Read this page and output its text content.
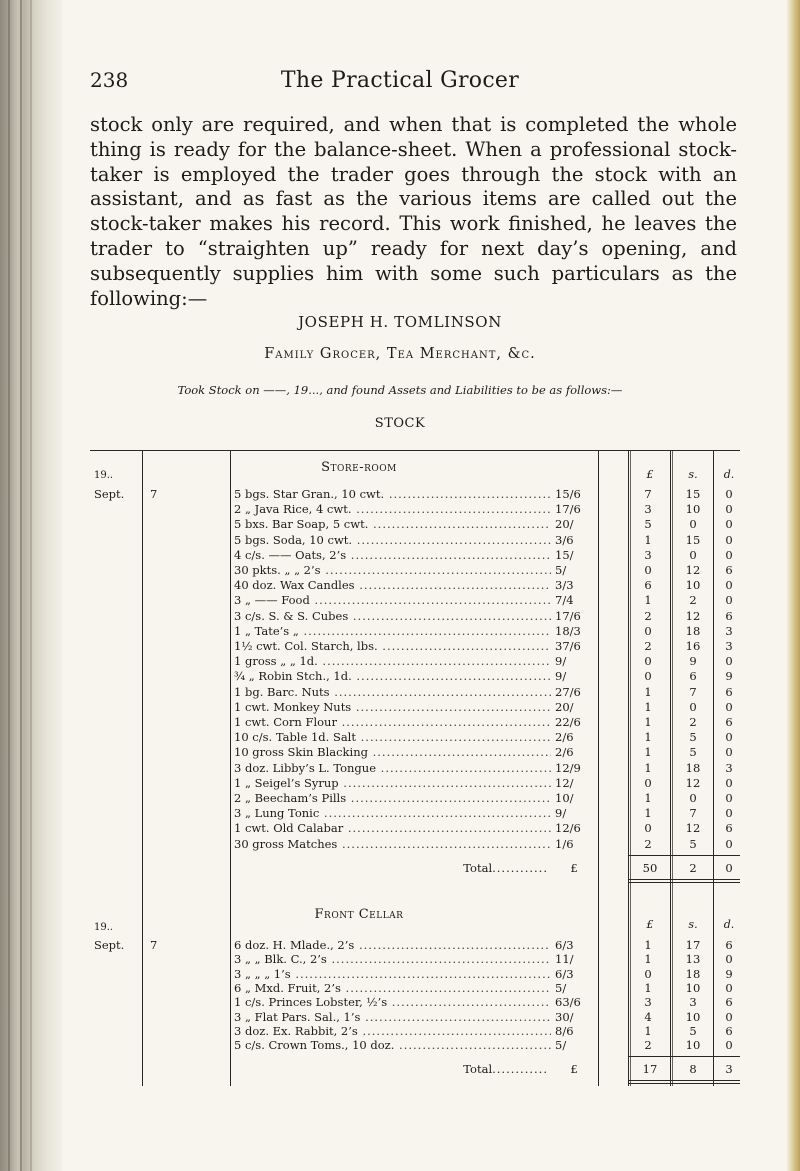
238	The Practical Grocer
stock only are required, and when that is completed the whole thing is ready for the balance-sheet. When a professional stock-taker is employed the trader goes through the stock with an assistant, and as fast as the various items are called out the stock-taker makes his record. This work finished, he leaves the trader to “straighten up” ready for next day’s opening, and subsequently supplies him with some such particulars as the following:—
JOSEPH H. TOMLINSON
Family Grocer, Tea Merchant, &c.
Took Stock on ——, 19..., and found Assets and Liabilities to be as follows:—
STOCK
Store-room
19..
Sept. 7
£	s.	d.
5 bgs. Star Gran., 10 cwt. .....	15/6	7	15	0
2 „ Java Rice, 4 cwt. .....	17/6	3	10	0
5 bxs. Bar Soap, 5 cwt. .....	20/	5	0	0
5 bgs. Soda, 10 cwt. .....	3/6	1	15	0
4 c/s. —— Oats, 2’s .....	15/	3	0	0
30 pkts. „ „ 2’s .....	5/	0	12	6
40 doz. Wax Candles .....	3/3	6	10	0
3 „ —— Food .....	7/4	1	2	0
3 c/s. S. & S. Cubes .....	17/6	2	12	6
1 „ Tate’s „ .....	18/3	0	18	3
1½ cwt. Col. Starch, lbs. .....	37/6	2	16	3
1 gross „ „ 1d. .....	9/	0	9	0
¾ „ Robin Stch., 1d. .....	9/	0	6	9
1 bg. Barc. Nuts .....	27/6	1	7	6
1 cwt. Monkey Nuts .....	20/	1	0	0
1 cwt. Corn Flour .....	22/6	1	2	6
10 c/s. Table 1d. Salt .....	2/6	1	5	0
10 gross Skin Blacking .....	2/6	1	5	0
3 doz. Libby’s L. Tongue .....	12/9	1	18	3
1 „ Seigel’s Syrup .....	12/	0	12	0
2 „ Beecham’s Pills .....	10/	1	0	0
3 „ Lung Tonic .....	9/	1	7	0
1 cwt. Old Calabar .....	12/6	0	12	6
30 gross Matches .....	1/6	2	5	0
Total .....	£	50	2	0
Front Cellar
19..
Sept. 7
£	s.	d.
6 doz. H. Mlade., 2’s .....	6/3	1	17	6
3 „ „ Blk. C., 2’s .....	11/	1	13	0
3 „ „ „ 1’s .....	6/3	0	18	9
6 „ Mxd. Fruit, 2’s .....	5/	1	10	0
1 c/s. Princes Lobster, ½’s .....	63/6	3	3	6
3 „ Flat Pars. Sal., 1’s .....	30/	4	10	0
3 doz. Ex. Rabbit, 2’s .....	8/6	1	5	6
5 c/s. Crown Toms., 10 doz. .....	5/	2	10	0
Total .....	£	17	8	3
